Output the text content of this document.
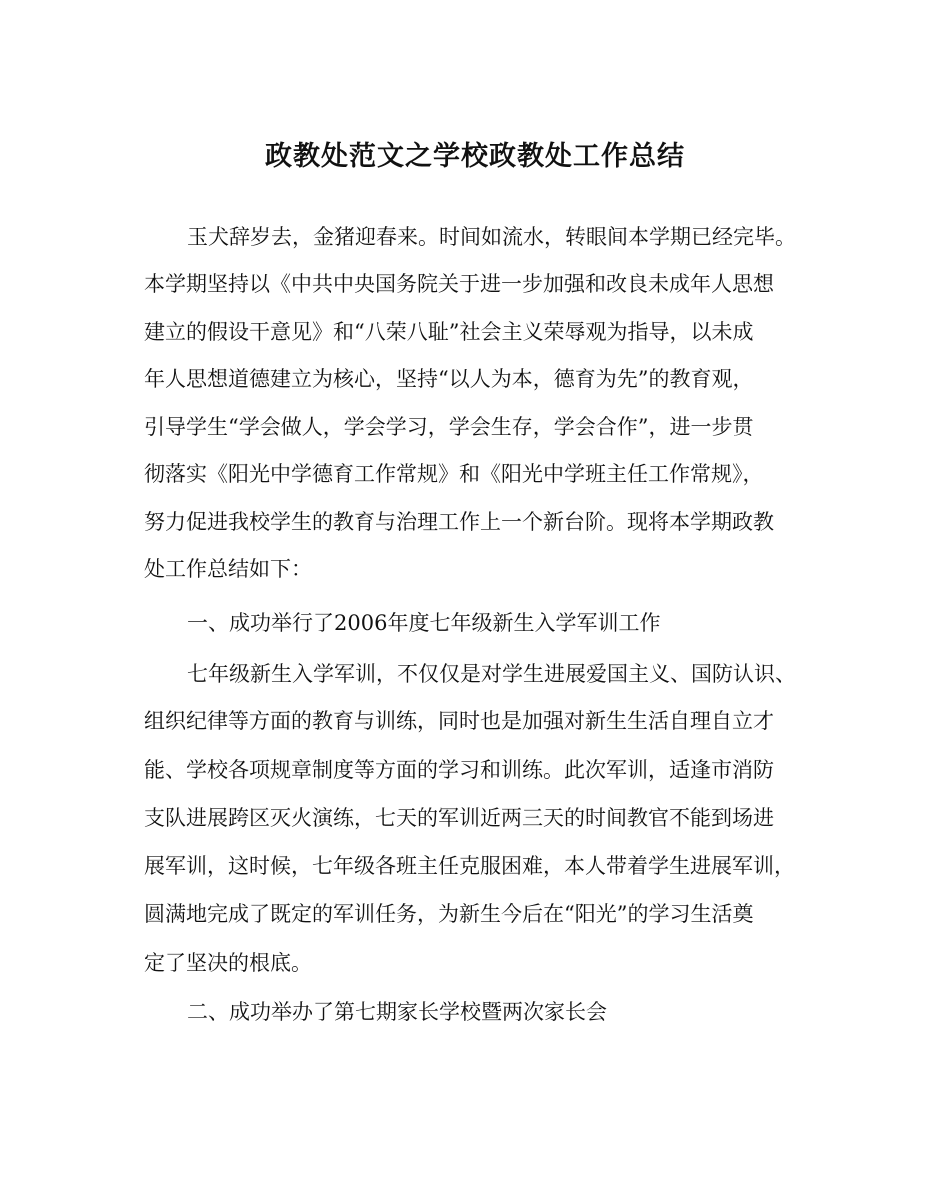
政教处范文之学校政教处工作总结
玉犬辞岁去，金猪迎春来。时间如流水，转眼间本学期已经完毕。
本学期坚持以《中共中央国务院关于进一步加强和改良未成年人思想
建立的假设干意见》和“八荣八耻”社会主义荣辱观为指导，以未成
年人思想道德建立为核心，坚持“以人为本，德育为先”的教育观，
引导学生“学会做人，学会学习，学会生存，学会合作”，进一步贯
彻落实《阳光中学德育工作常规》和《阳光中学班主任工作常规》，
努力促进我校学生的教育与治理工作上一个新台阶。现将本学期政教
处工作总结如下：
一、成功举行了2006年度七年级新生入学军训工作
七年级新生入学军训，不仅仅是对学生进展爱国主义、国防认识、
组织纪律等方面的教育与训练，同时也是加强对新生生活自理自立才
能、学校各项规章制度等方面的学习和训练。此次军训，适逢市消防
支队进展跨区灭火演练，七天的军训近两三天的时间教官不能到场进
展军训，这时候，七年级各班主任克服困难，本人带着学生进展军训，
圆满地完成了既定的军训任务，为新生今后在“阳光”的学习生活奠
定了坚决的根底。
二、成功举办了第七期家长学校暨两次家长会
